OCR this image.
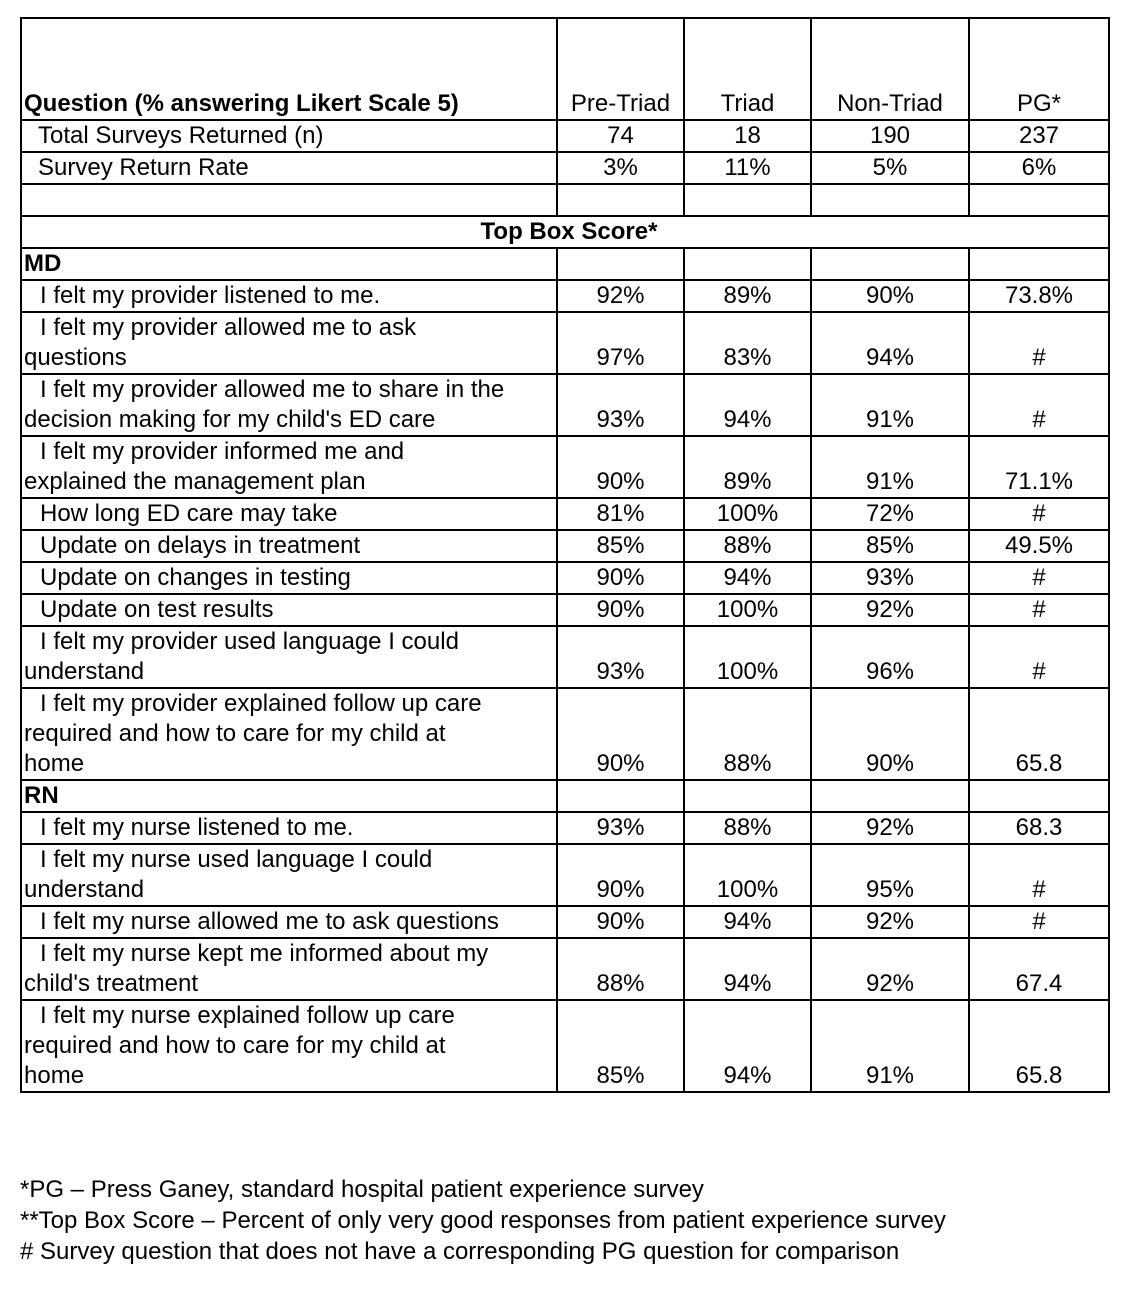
Question (% answering Likert Scale 5)	Pre-Triad	Triad	Non-Triad	PG*
Total Surveys Returned (n)	74	18	190	237
Survey Return Rate	3%	11%	5%	6%

Top Box Score*				
MD				

I felt my provider listened to me.	92%	89%	90%	73.8%

I felt my provider allowed me to ask
questions	97%	83%	94%	#

I felt my provider allowed me to share in the
decision making for my child's ED care	93%	94%	91%	#

I felt my provider informed me and
explained the management plan	90%	89%	91%	71.1%

How long ED care may take	81%	100%	72%	#

Update on delays in treatment	85%	88%	85%	49.5%

Update on changes in testing	90%	94%	93%	#

Update on test results	90%	100%	92%	#

I felt my provider used language I could
understand	93%	100%	96%	#

I felt my provider explained follow up care
required and how to care for my child at
home	90%	88%	90%	65.8
RN				

I felt my nurse listened to me.	93%	88%	92%	68.3

I felt my nurse used language I could
understand	90%	100%	95%	#

I felt my nurse allowed me to ask questions	90%	94%	92%	#

I felt my nurse kept me informed about my
child's treatment	88%	94%	92%	67.4

I felt my nurse explained follow up care
required and how to care for my child at
home	85%	94%	91%	65.8
*PG – Press Ganey, standard hospital patient experience survey
**Top Box Score – Percent of only very good responses from patient experience survey
# Survey question that does not have a corresponding PG question for comparison
